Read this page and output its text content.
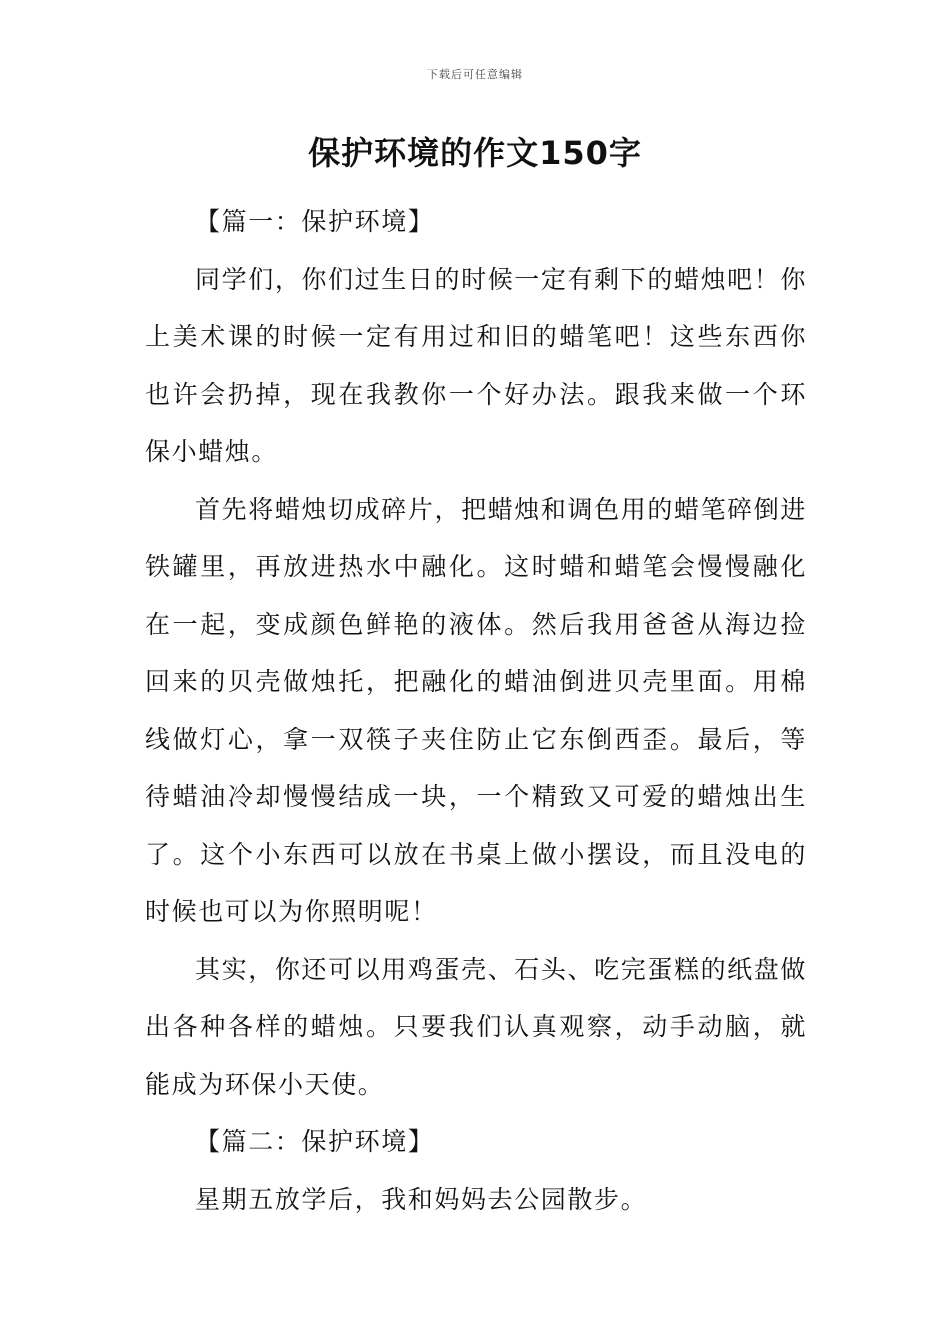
下载后可任意编辑
保护环境的作文150字

【篇一：保护环境】

同学们，你们过生日的时候一定有剩下的蜡烛吧！你上美术课的时候一定有用过和旧的蜡笔吧！这些东西你也许会扔掉，现在我教你一个好办法。跟我来做一个环保小蜡烛。

首先将蜡烛切成碎片，把蜡烛和调色用的蜡笔碎倒进铁罐里，再放进热水中融化。这时蜡和蜡笔会慢慢融化在一起，变成颜色鲜艳的液体。然后我用爸爸从海边捡回来的贝壳做烛托，把融化的蜡油倒进贝壳里面。用棉线做灯心，拿一双筷子夹住防止它东倒西歪。最后，等待蜡油冷却慢慢结成一块，一个精致又可爱的蜡烛出生了。这个小东西可以放在书桌上做小摆设，而且没电的时候也可以为你照明呢！

其实，你还可以用鸡蛋壳、石头、吃完蛋糕的纸盘做出各种各样的蜡烛。只要我们认真观察，动手动脑，就能成为环保小天使。

【篇二：保护环境】

星期五放学后，我和妈妈去公园散步。
